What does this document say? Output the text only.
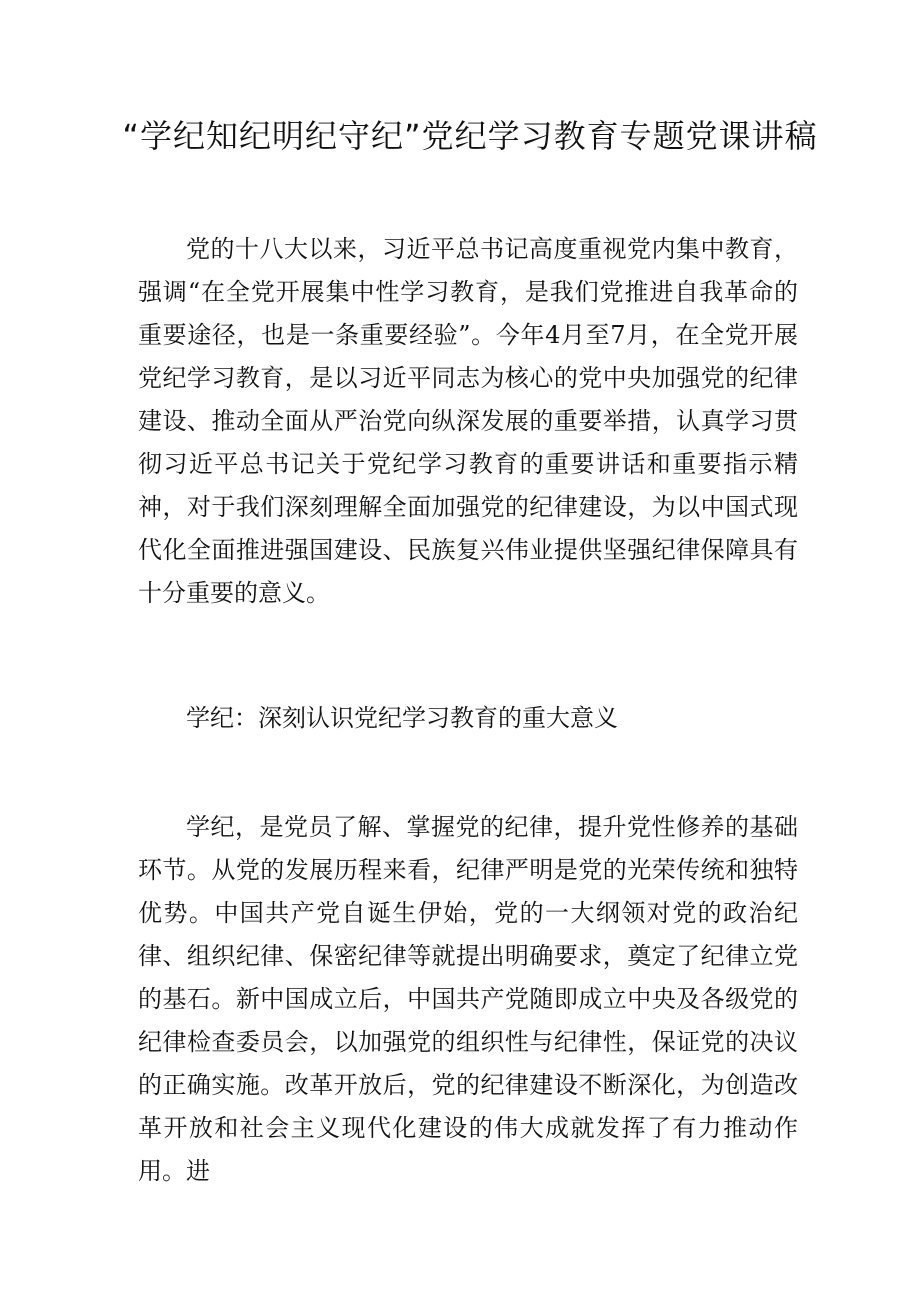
“学纪知纪明纪守纪”党纪学习教育专题党课讲稿

党的十八大以来，习近平总书记高度重视党内集中教育，强调“在全党开展集中性学习教育，是我们党推进自我革命的重要途径，也是一条重要经验”。今年4月至7月，在全党开展党纪学习教育，是以习近平同志为核心的党中央加强党的纪律建设、推动全面从严治党向纵深发展的重要举措，认真学习贯彻习近平总书记关于党纪学习教育的重要讲话和重要指示精神，对于我们深刻理解全面加强党的纪律建设，为以中国式现代化全面推进强国建设、民族复兴伟业提供坚强纪律保障具有十分重要的意义。

学纪：深刻认识党纪学习教育的重大意义

学纪，是党员了解、掌握党的纪律，提升党性修养的基础环节。从党的发展历程来看，纪律严明是党的光荣传统和独特优势。中国共产党自诞生伊始，党的一大纲领对党的政治纪律、组织纪律、保密纪律等就提出明确要求，奠定了纪律立党的基石。新中国成立后，中国共产党随即成立中央及各级党的纪律检查委员会，以加强党的组织性与纪律性，保证党的决议的正确实施。改革开放后，党的纪律建设不断深化，为创造改革开放和社会主义现代化建设的伟大成就发挥了有力推动作用。进
